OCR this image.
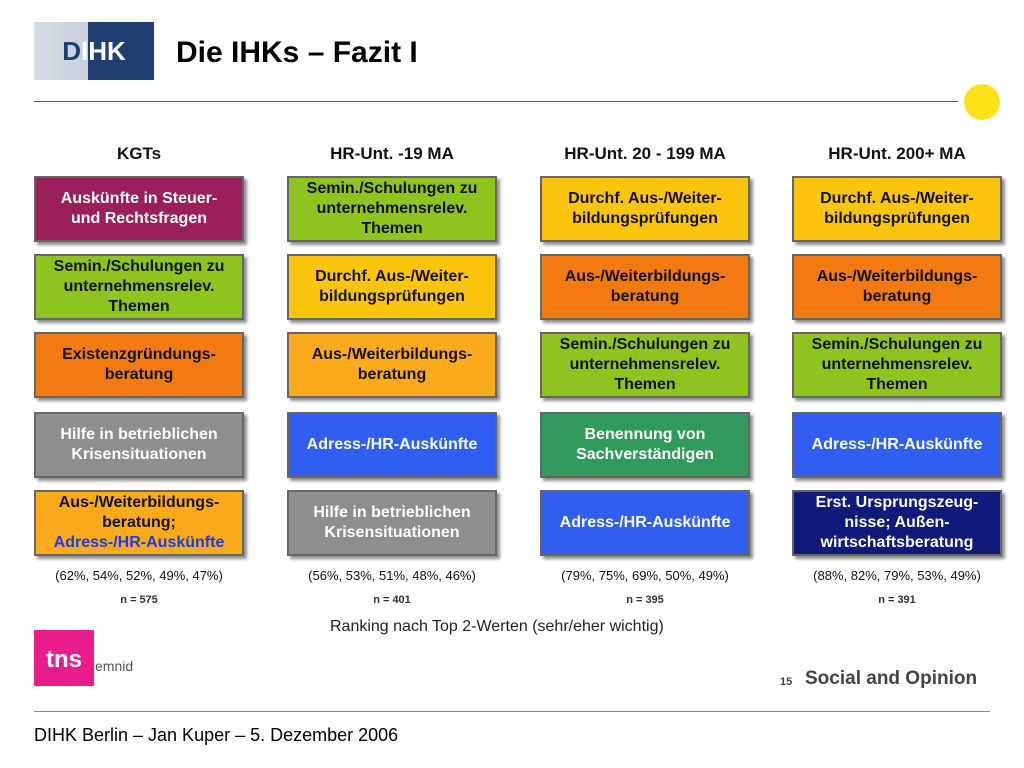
DIHK	Die IHKs – Fazit I
KGTs
Auskünfte in Steuer-
und Rechtsfragen
Semin./Schulungen zu
unternehmensrelev.
Themen
Existenzgründungs-
beratung
Hilfe in betrieblichen
Krisensituationen
Aus-/Weiterbildungs-
beratung;
Adress-/HR-Auskünfte
(62%, 54%, 52%, 49%, 47%)
n = 575
HR-Unt. -19 MA
Semin./Schulungen zu
unternehmensrelev.
Themen
Durchf. Aus-/Weiter-
bildungsprüfungen
Aus-/Weiterbildungs-
beratung
Adress-/HR-Auskünfte
Hilfe in betrieblichen
Krisensituationen
(56%, 53%, 51%, 48%, 46%)
n = 401
HR-Unt. 20 - 199 MA
Durchf. Aus-/Weiter-
bildungsprüfungen
Aus-/Weiterbildungs-
beratung
Semin./Schulungen zu
unternehmensrelev.
Themen
Benennung von
Sachverständigen
Adress-/HR-Auskünfte
(79%, 75%, 69%, 50%, 49%)
n = 395
HR-Unt. 200+ MA
Durchf. Aus-/Weiter-
bildungsprüfungen
Aus-/Weiterbildungs-
beratung
Semin./Schulungen zu
unternehmensrelev.
Themen
Adress-/HR-Auskünfte
Erst. Ursprungszeug-
nisse; Außen-
wirtschaftsberatung
(88%, 82%, 79%, 53%, 49%)
n = 391
Ranking nach Top 2-Werten (sehr/eher wichtig)
tns emnid
15 Social and Opinion
DIHK Berlin – Jan Kuper – 5. Dezember 2006
